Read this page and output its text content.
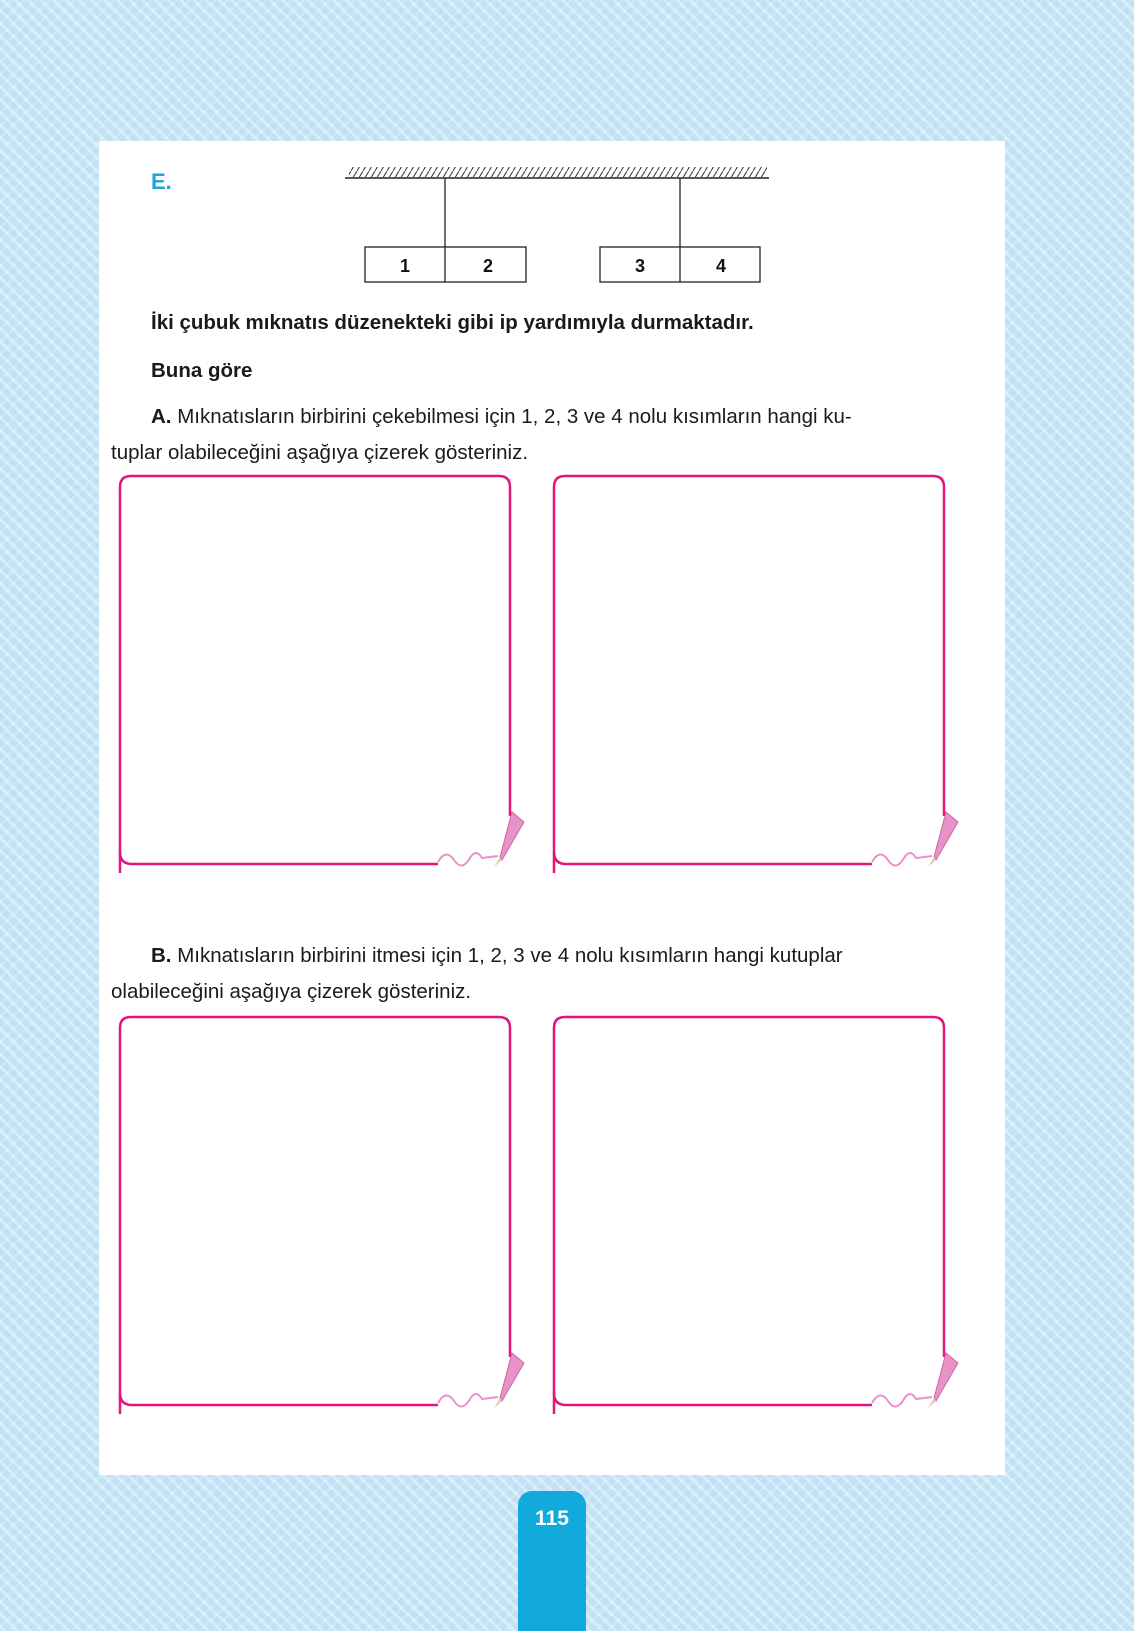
E.
1	2	3	4
İki çubuk mıknatıs düzenekteki gibi ip yardımıyla durmaktadır.
Buna göre
A. Mıknatısların birbirini çekebilmesi için 1, 2, 3 ve 4 nolu kısımların hangi ku-
tuplar olabileceğini aşağıya çizerek gösteriniz.
B. Mıknatısların birbirini itmesi için 1, 2, 3 ve 4 nolu kısımların hangi kutuplar
olabileceğini aşağıya çizerek gösteriniz.
115
